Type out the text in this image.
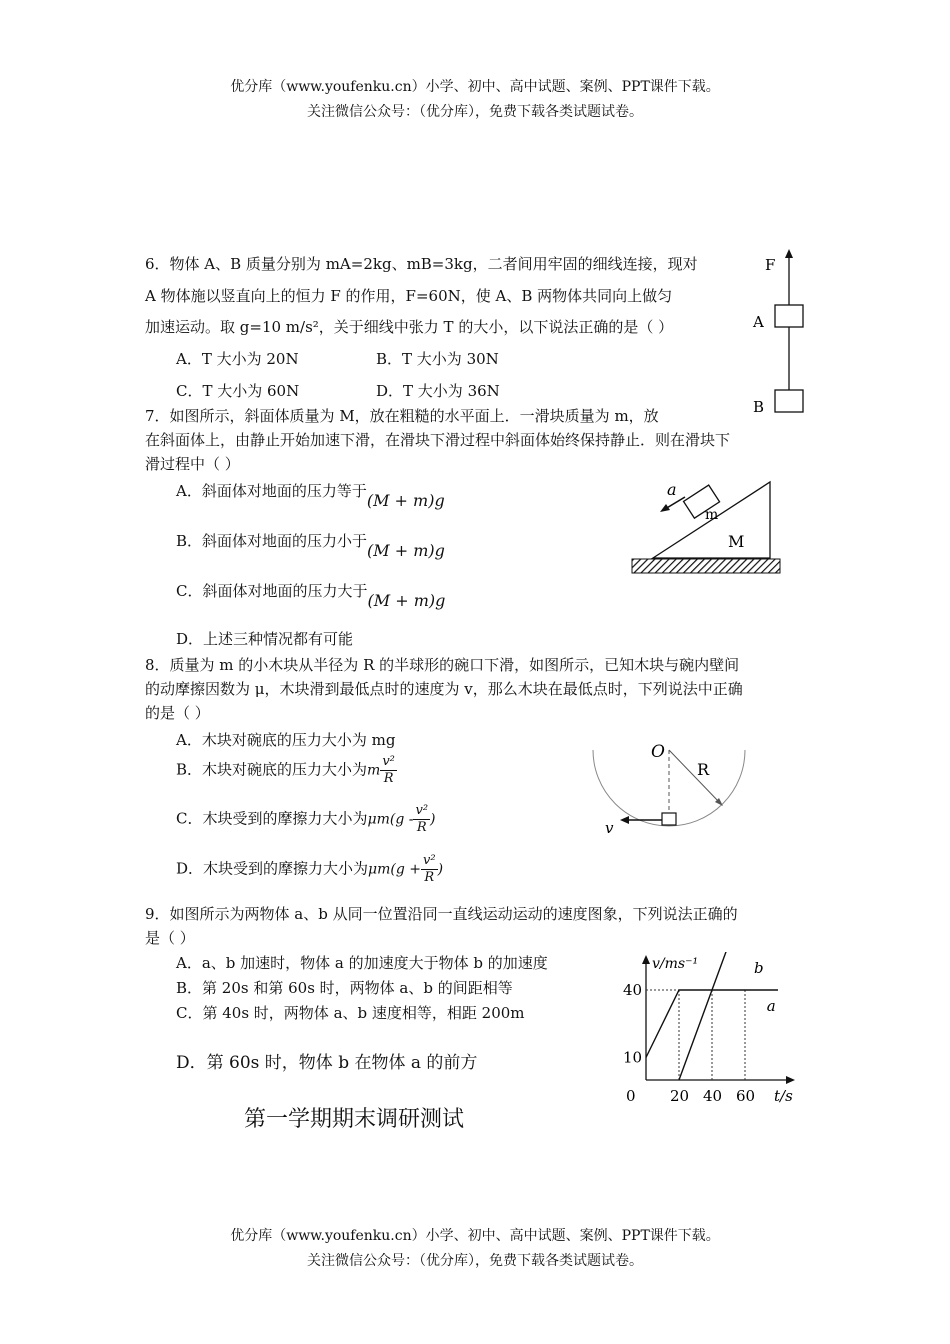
优分库（www.youfenku.cn）小学、初中、高中试题、案例、PPT课件下载。
关注微信公众号：（优分库），免费下载各类试题试卷。
6．物体 A、B 质量分别为 mA=2kg、mB=3kg，二者间用牢固的细线连接，现对
A 物体施以竖直向上的恒力 F 的作用，F=60N，使 A、B 两物体共同向上做匀
加速运动。取 g=10 m/s²，关于细线中张力 T 的大小，以下说法正确的是（ ）
A．T 大小为 20N	B．T 大小为 30N
C．T 大小为 60N	D．T 大小为 36N
F
A
B
7．如图所示，斜面体质量为 M，放在粗糙的水平面上．一滑块质量为 m，放
在斜面体上，由静止开始加速下滑，在滑块下滑过程中斜面体始终保持静止．则在滑块下
滑过程中（ ）
A．斜面体对地面的压力等于(M + m)g
B．斜面体对地面的压力小于(M + m)g
C．斜面体对地面的压力大于(M + m)g
D．上述三种情况都有可能
m
M
a
8．质量为 m 的小木块从半径为 R 的半球形的碗口下滑，如图所示，已知木块与碗内壁间
的动摩擦因数为 μ，木块滑到最低点时的速度为 v，那么木块在最低点时，下列说法中正确
的是（ ）
A．木块对碗底的压力大小为 mg
B．木块对碗底的压力大小为m $\frac{\text{v²}}{R}$
C．木块受到的摩擦力大小为$\mu m(g - \frac{\text{v²}}{R}$ )
D．木块受到的摩擦力大小为$\mu m(g + \frac{\text{v²}}{R}$ )
O
R
v
9．如图所示为两物体 a、b 从同一位置沿同一直线运动运动的速度图象，下列说法正确的
是（ ）
A．a、b 加速时，物体 a 的加速度大于物体 b 的加速度
B．第 20s 和第 60s 时，两物体 a、b 的间距相等
C．第 40s 时，两物体 a、b 速度相等，相距 200m
D．第 60s 时，物体 b 在物体 a 的前方
v/ms⁻¹
t/s
0 20 40 60
10
40
a
b
第一学期期末调研测试
优分库（www.youfenku.cn）小学、初中、高中试题、案例、PPT课件下载。
关注微信公众号：（优分库），免费下载各类试题试卷。
